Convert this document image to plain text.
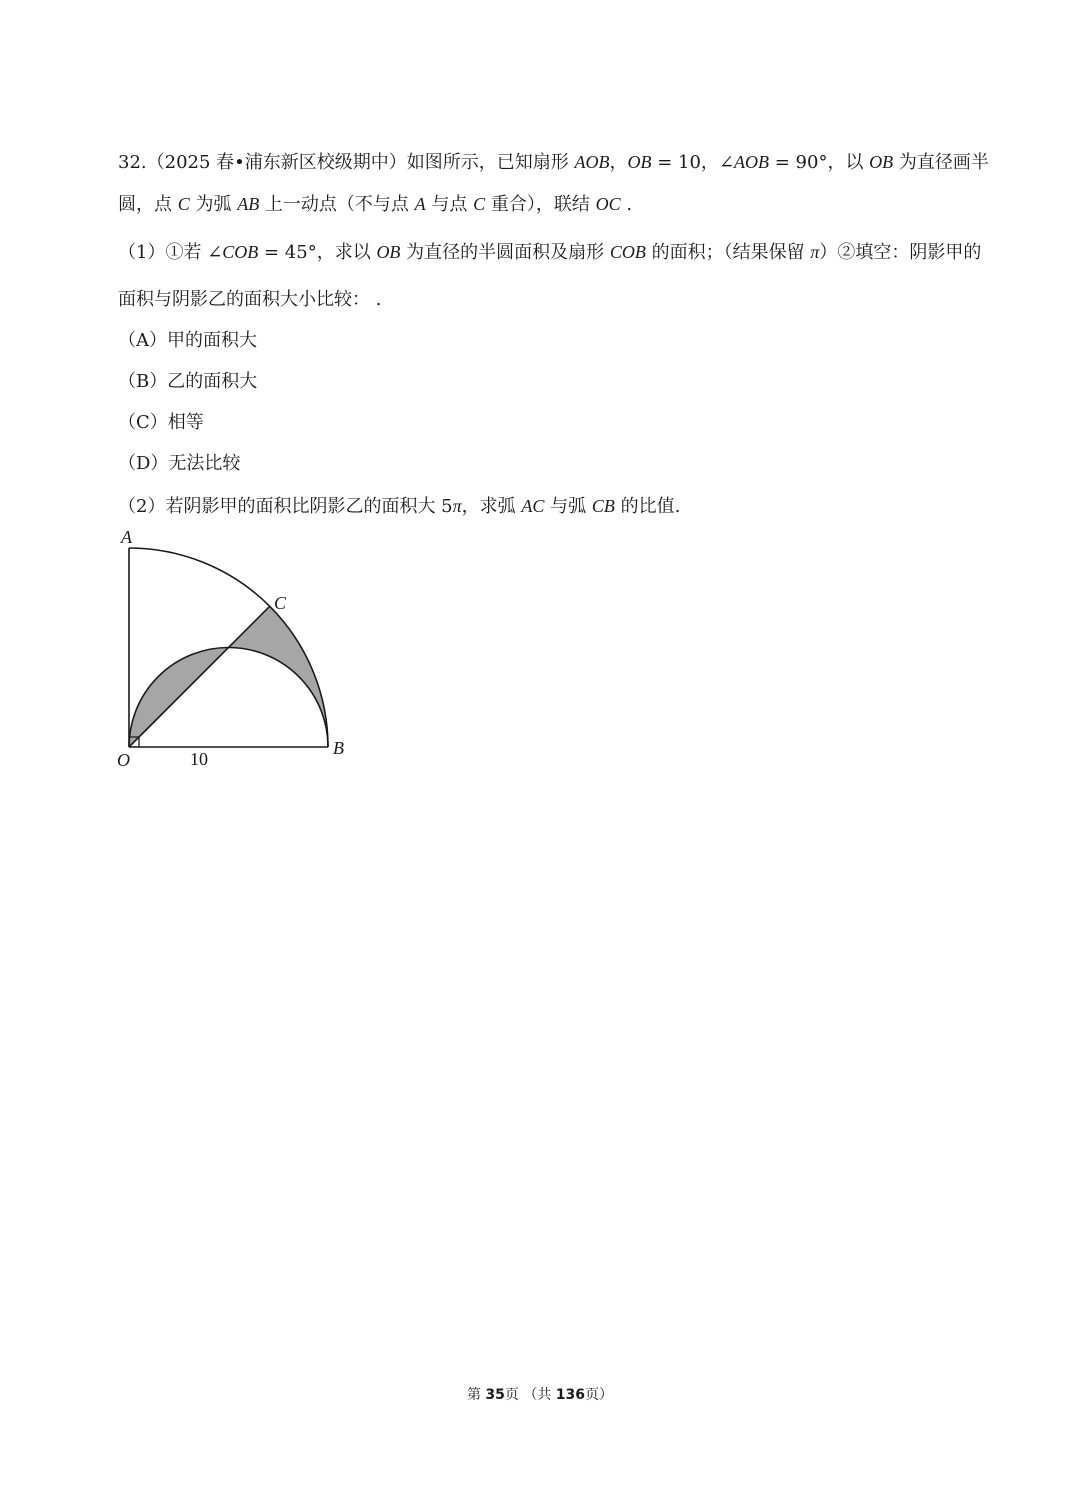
32.（2025 春•浦东新区校级期中）如图所示，已知扇形 AOB，OB = 10，∠AOB = 90°，以 OB 为直径画半
圆，点 C 为弧 AB 上一动点（不与点 A 与点 C 重合），联结 OC .
（1）①若 ∠COB = 45°，求以 OB 为直径的半圆面积及扇形 COB 的面积；（结果保留 π）②填空：阴影甲的
面积与阴影乙的面积大小比较： .
（A）甲的面积大
（B）乙的面积大
（C）相等
（D）无法比较
（2）若阴影甲的面积比阴影乙的面积大 5π，求弧 AC 与弧 CB 的比值.
A
C
B
O	10
第 35页 （共 136页）
